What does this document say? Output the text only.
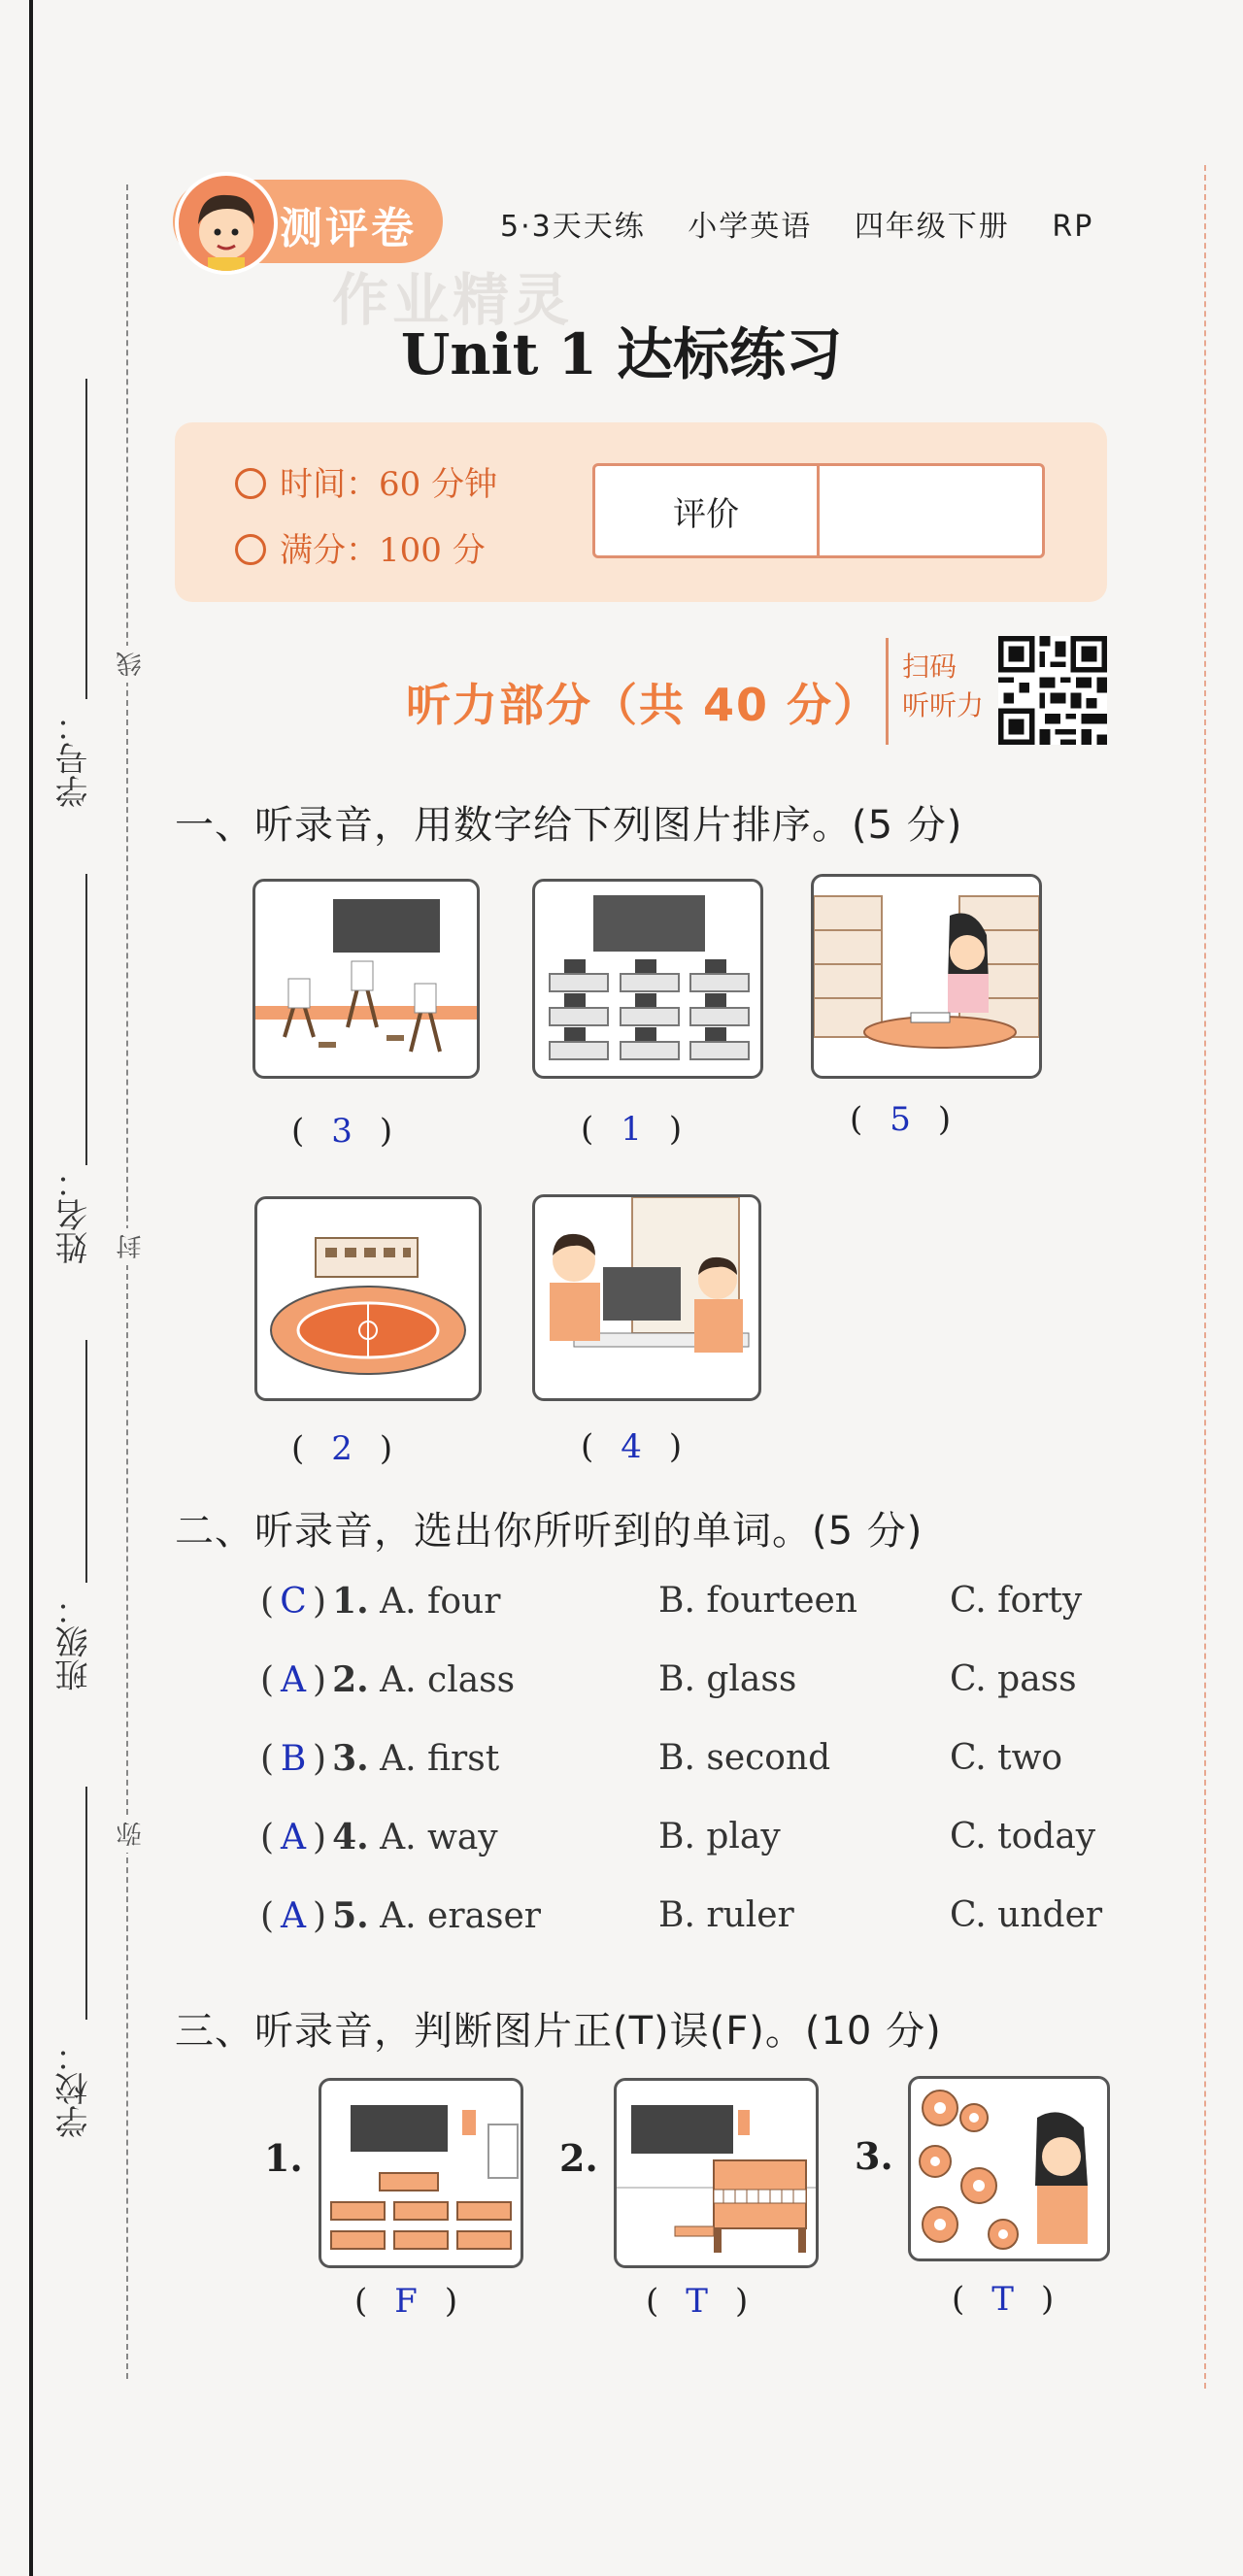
学号：
姓名：
班级：
学校：
线
封
弥
测评卷	5·3天天练 小学英语 四年级下册 RP
作业精灵
Unit 1 达标练习
时间：60 分钟
满分：100 分
评价
听力部分（共 40 分）
扫码
听听力
一、听录音，用数字给下列图片排序。(5 分)
( 3 )	( 1 )	( 5 )
( 2 )	( 4 )
二、听录音，选出你所听到的单词。(5 分)
( C ) 1. A. four	B. fourteen	C. forty
( A ) 2. A. class	B. glass	C. pass
( B ) 3. A. first	B. second	C. two
( A ) 4. A. way	B. play	C. today
( A ) 5. A. eraser	B. ruler	C. under
三、听录音，判断图片正(T)误(F)。(10 分)
1.	2.	3.
( F )	( T )	( T )
